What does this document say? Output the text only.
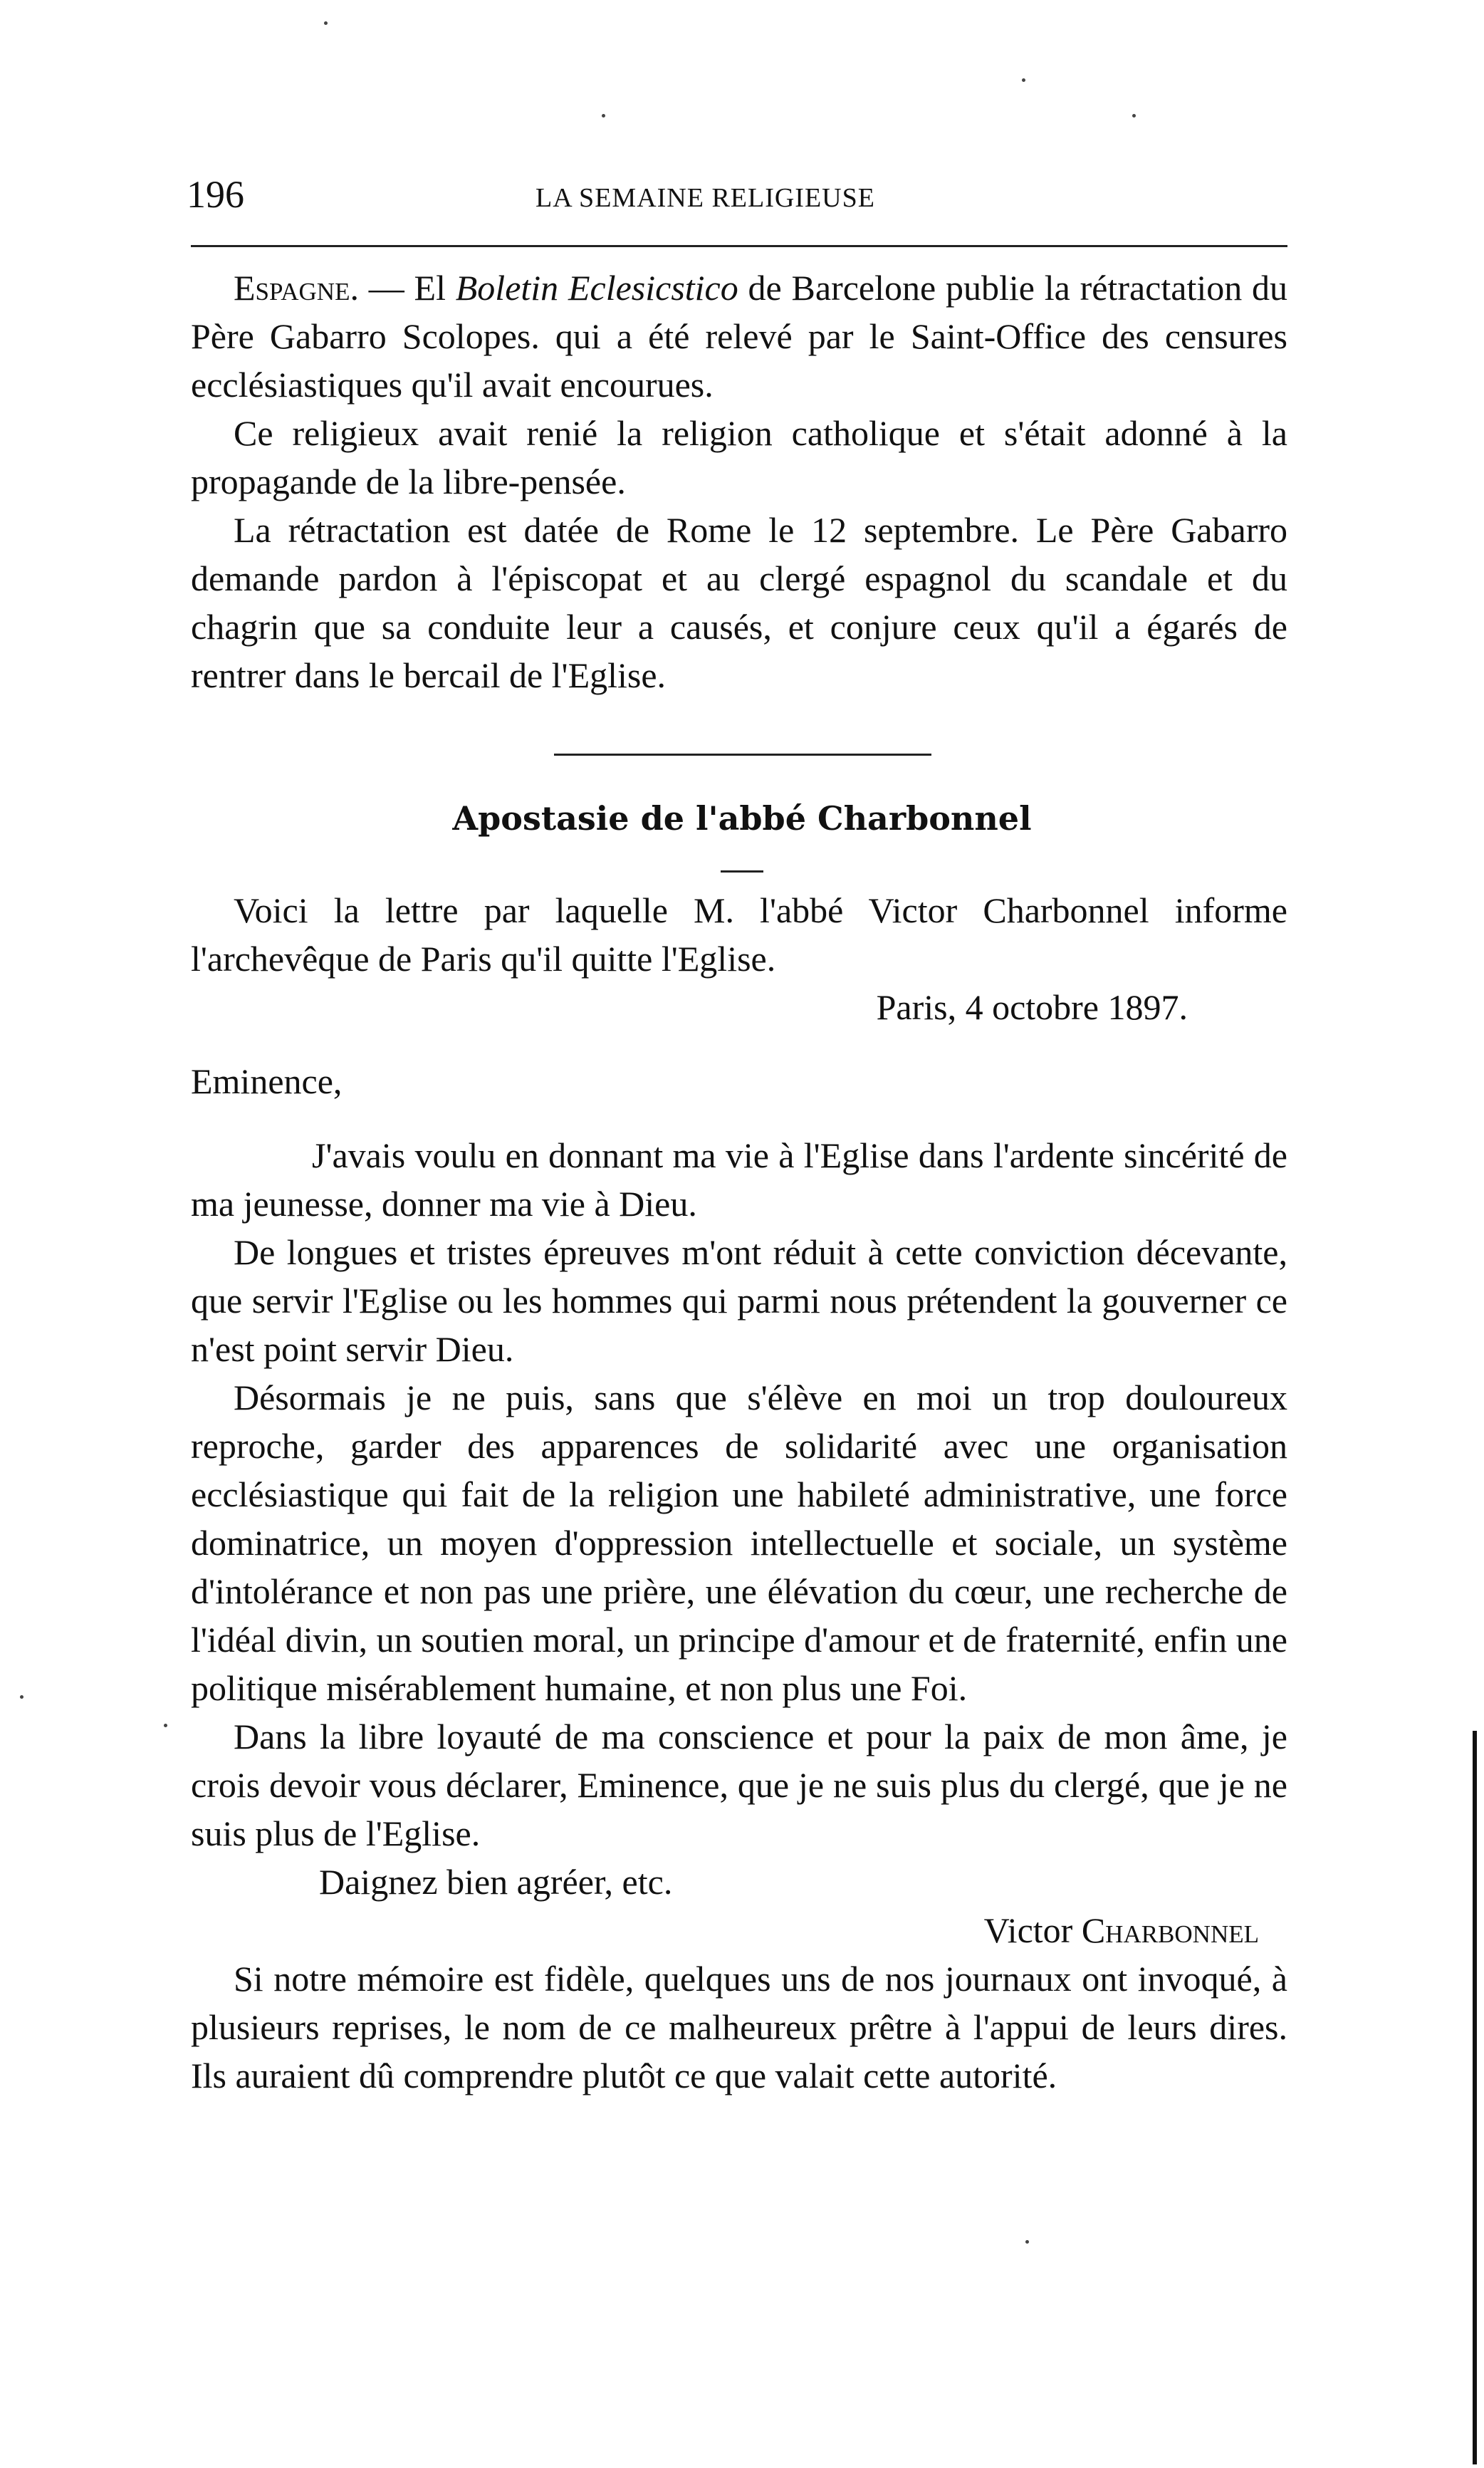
196	LA SEMAINE RELIGIEUSE

Espagne. — El Boletin Eclesicstico de Barcelone publie la rétractation du Père Gabarro Scolopes. qui a été relevé par le Saint-Office des censures ecclésiastiques qu'il avait encourues.

Ce religieux avait renié la religion catholique et s'était adonné à la propagande de la libre-pensée.

La rétractation est datée de Rome le 12 septembre. Le Père Gabarro demande pardon à l'épiscopat et au clergé espagnol du scandale et du chagrin que sa conduite leur a causés, et conjure ceux qu'il a égarés de rentrer dans le bercail de l'Eglise.

Apostasie de l'abbé Charbonnel

Voici la lettre par laquelle M. l'abbé Victor Charbonnel informe l'archevêque de Paris qu'il quitte l'Eglise.

Paris, 4 octobre 1897.

Eminence,

J'avais voulu en donnant ma vie à l'Eglise dans l'ardente sincérité de ma jeunesse, donner ma vie à Dieu.

De longues et tristes épreuves m'ont réduit à cette conviction décevante, que servir l'Eglise ou les hommes qui parmi nous prétendent la gouverner ce n'est point servir Dieu.

Désormais je ne puis, sans que s'élève en moi un trop douloureux reproche, garder des apparences de solidarité avec une organisation ecclésiastique qui fait de la religion une habileté administrative, une force dominatrice, un moyen d'oppression intellectuelle et sociale, un système d'intolérance et non pas une prière, une élévation du cœur, une recherche de l'idéal divin, un soutien moral, un principe d'amour et de fraternité, enfin une politique misérablement humaine, et non plus une Foi.

Dans la libre loyauté de ma conscience et pour la paix de mon âme, je crois devoir vous déclarer, Eminence, que je ne suis plus du clergé, que je ne suis plus de l'Eglise.

Daignez bien agréer, etc.

Victor Charbonnel

Si notre mémoire est fidèle, quelques uns de nos journaux ont invoqué, à plusieurs reprises, le nom de ce malheureux prêtre à l'appui de leurs dires. Ils auraient dû comprendre plutôt ce que valait cette autorité.
